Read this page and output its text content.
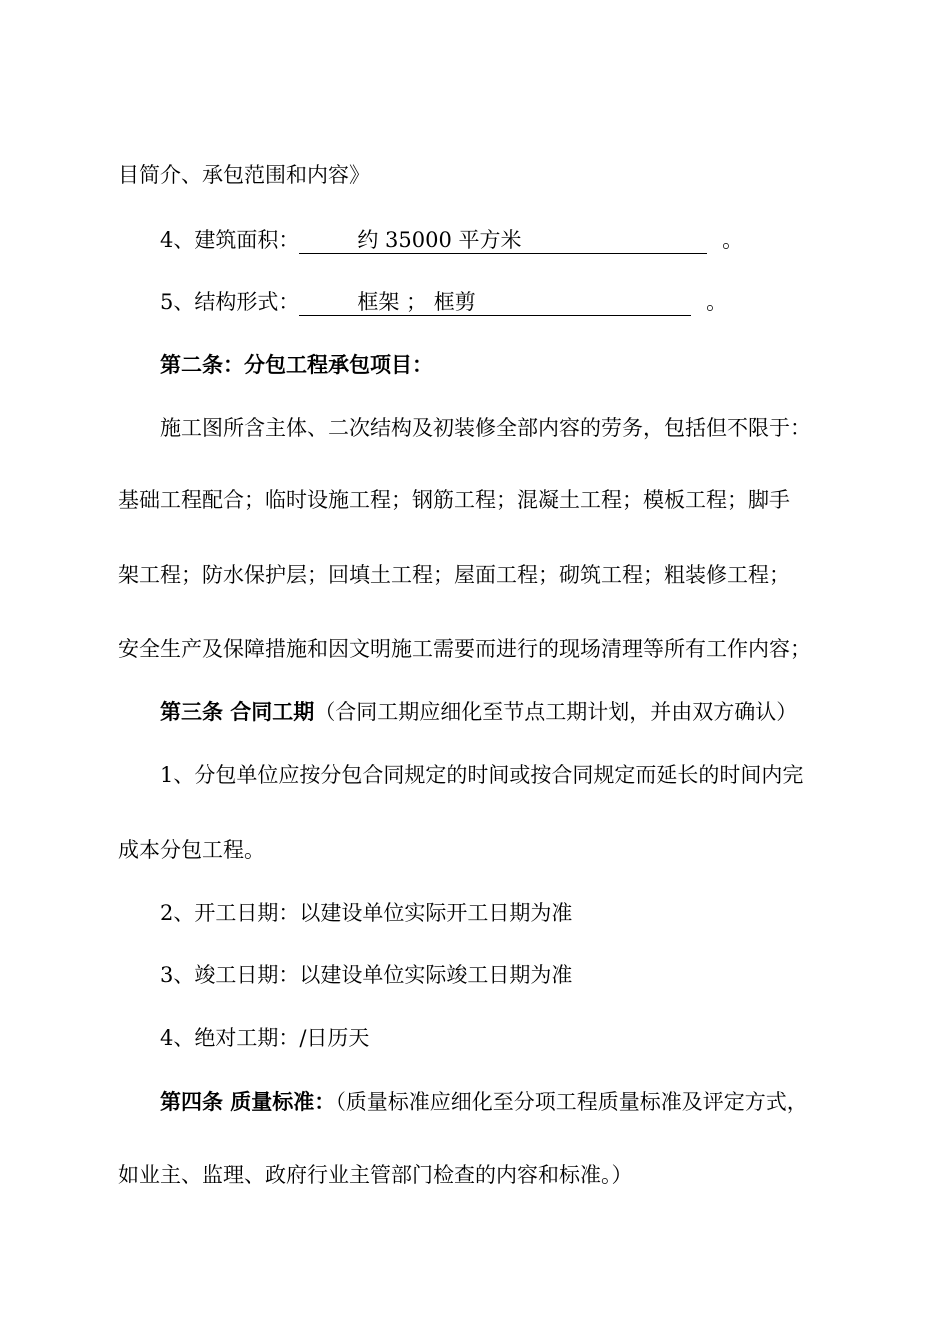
目简介、承包范围和内容》
4、建筑面积：	约 35000 平方米	。
5、结构形式：	框架 ； 框剪	。
第二条：分包工程承包项目：
施工图所含主体、二次结构及初装修全部内容的劳务，包括但不限于：
基础工程配合；临时设施工程；钢筋工程；混凝土工程；模板工程；脚手
架工程；防水保护层；回填土工程；屋面工程；砌筑工程；粗装修工程；
安全生产及保障措施和因文明施工需要而进行的现场清理等所有工作内容；
第三条 合同工期（合同工期应细化至节点工期计划，并由双方确认）
1、分包单位应按分包合同规定的时间或按合同规定而延长的时间内完
成本分包工程。
2、开工日期：以建设单位实际开工日期为准
3、竣工日期：以建设单位实际竣工日期为准
4、绝对工期：/日历天
第四条 质量标准：（质量标准应细化至分项工程质量标准及评定方式，
如业主、监理、政府行业主管部门检查的内容和标准。）
